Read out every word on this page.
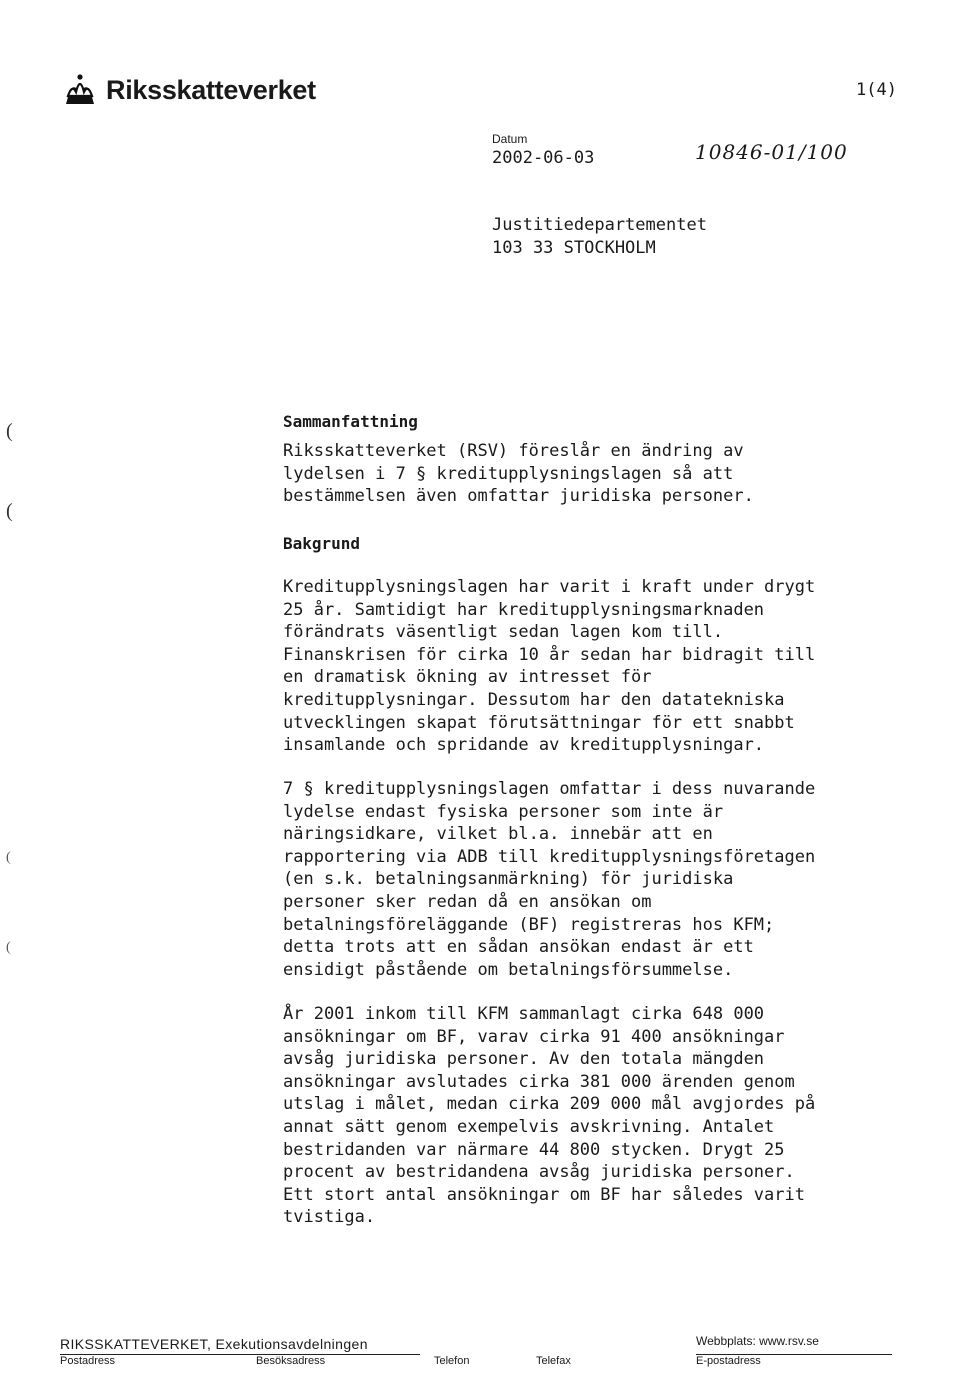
Riksskatteverket	1(4)
Datum
2002-06-03	10846-01/100
Justitiedepartementet
103 33 STOCKHOLM
(
(
(
(
Sammanfattning
Riksskatteverket (RSV) föreslår en ändring av
lydelsen i 7 § kreditupplysningslagen så att
bestämmelsen även omfattar juridiska personer.
Bakgrund
Kreditupplysningslagen har varit i kraft under drygt
25 år. Samtidigt har kreditupplysningsmarknaden
förändrats väsentligt sedan lagen kom till.
Finanskrisen för cirka 10 år sedan har bidragit till
en dramatisk ökning av intresset för
kreditupplysningar. Dessutom har den datatekniska
utvecklingen skapat förutsättningar för ett snabbt
insamlande och spridande av kreditupplysningar.
7 § kreditupplysningslagen omfattar i dess nuvarande
lydelse endast fysiska personer som inte är
näringsidkare, vilket bl.a. innebär att en
rapportering via ADB till kreditupplysningsföretagen
(en s.k. betalningsanmärkning) för juridiska
personer sker redan då en ansökan om
betalningsföreläggande (BF) registreras hos KFM;
detta trots att en sådan ansökan endast är ett
ensidigt påstående om betalningsförsummelse.
År 2001 inkom till KFM sammanlagt cirka 648 000
ansökningar om BF, varav cirka 91 400 ansökningar
avsåg juridiska personer. Av den totala mängden
ansökningar avslutades cirka 381 000 ärenden genom
utslag i målet, medan cirka 209 000 mål avgjordes på
annat sätt genom exempelvis avskrivning. Antalet
bestridanden var närmare 44 800 stycken. Drygt 25
procent av bestridandena avsåg juridiska personer.
Ett stort antal ansökningar om BF har således varit
tvistiga.
RIKSSKATTEVERKET, Exekutionsavdelningen	Webbplats: www.rsv.se
Postadress	Besöksadress	Telefon	Telefax	E-postadress
